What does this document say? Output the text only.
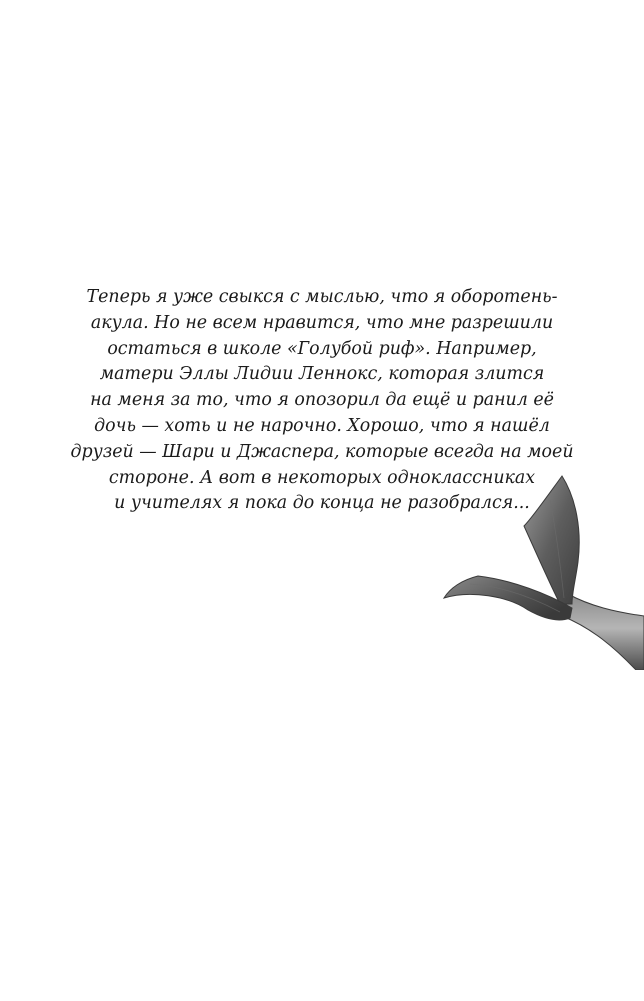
Теперь я уже свыкся с мыслью, что я оборотень-
акула. Но не всем нравится, что мне разрешили
остаться в школе «Голубой риф». Например,
матери Эллы Лидии Леннокс, которая злится
на меня за то, что я опозорил да ещё и ранил её
дочь — хоть и не нарочно. Хорошо, что я нашёл
друзей — Шари и Джаспера, которые всегда на моей
стороне. А вот в некоторых одноклассниках
и учителях я пока до конца не разобрался...
